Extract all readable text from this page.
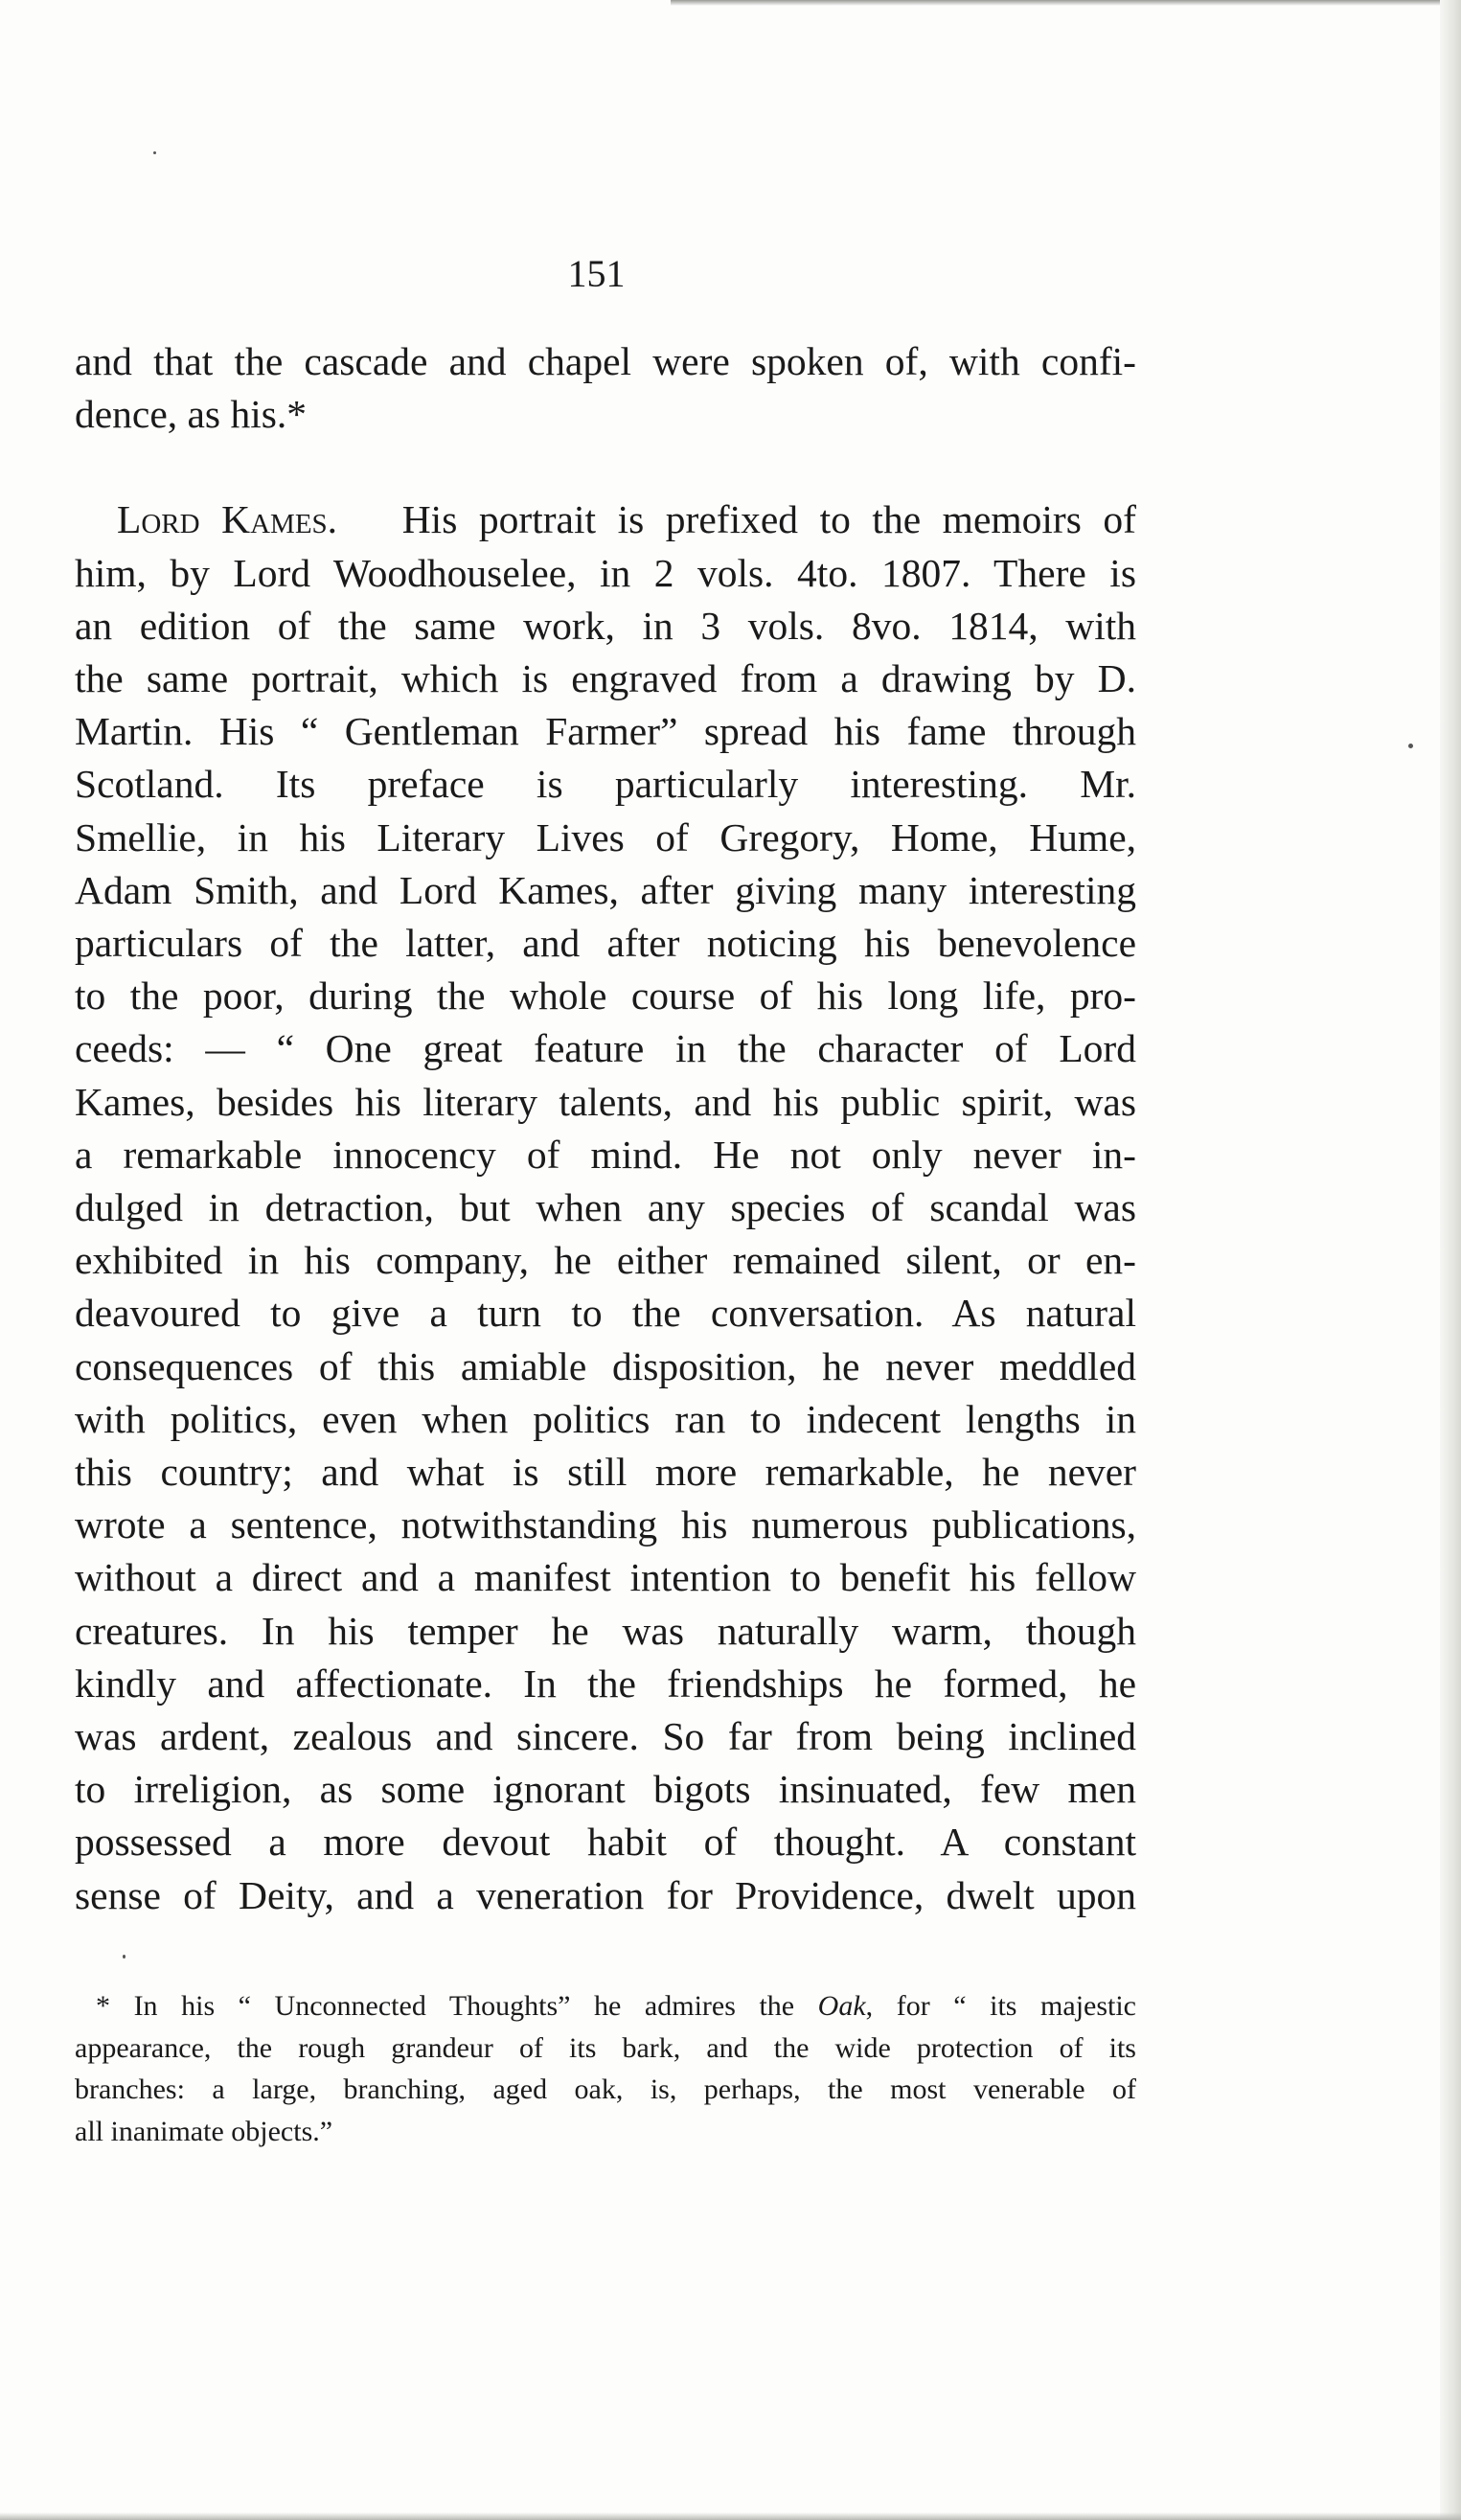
151
and that the cascade and chapel were spoken of, with confi-
dence, as his.*
Lord Kames. His portrait is prefixed to the memoirs of
him, by Lord Woodhouselee, in 2 vols. 4to. 1807. There is
an edition of the same work, in 3 vols. 8vo. 1814, with
the same portrait, which is engraved from a drawing by D.
Martin. His “ Gentleman Farmer” spread his fame through
Scotland. Its preface is particularly interesting. Mr.
Smellie, in his Literary Lives of Gregory, Home, Hume,
Adam Smith, and Lord Kames, after giving many interesting
particulars of the latter, and after noticing his benevolence
to the poor, during the whole course of his long life, pro-
ceeds: — “ One great feature in the character of Lord
Kames, besides his literary talents, and his public spirit, was
a remarkable innocency of mind. He not only never in-
dulged in detraction, but when any species of scandal was
exhibited in his company, he either remained silent, or en-
deavoured to give a turn to the conversation. As natural
consequences of this amiable disposition, he never meddled
with politics, even when politics ran to indecent lengths in
this country; and what is still more remarkable, he never
wrote a sentence, notwithstanding his numerous publications,
without a direct and a manifest intention to benefit his fellow
creatures. In his temper he was naturally warm, though
kindly and affectionate. In the friendships he formed, he
was ardent, zealous and sincere. So far from being inclined
to irreligion, as some ignorant bigots insinuated, few men
possessed a more devout habit of thought. A constant
sense of Deity, and a veneration for Providence, dwelt upon
* In his “ Unconnected Thoughts” he admires the Oak, for “ its majestic
appearance, the rough grandeur of its bark, and the wide protection of its
branches: a large, branching, aged oak, is, perhaps, the most venerable of
all inanimate objects.”
